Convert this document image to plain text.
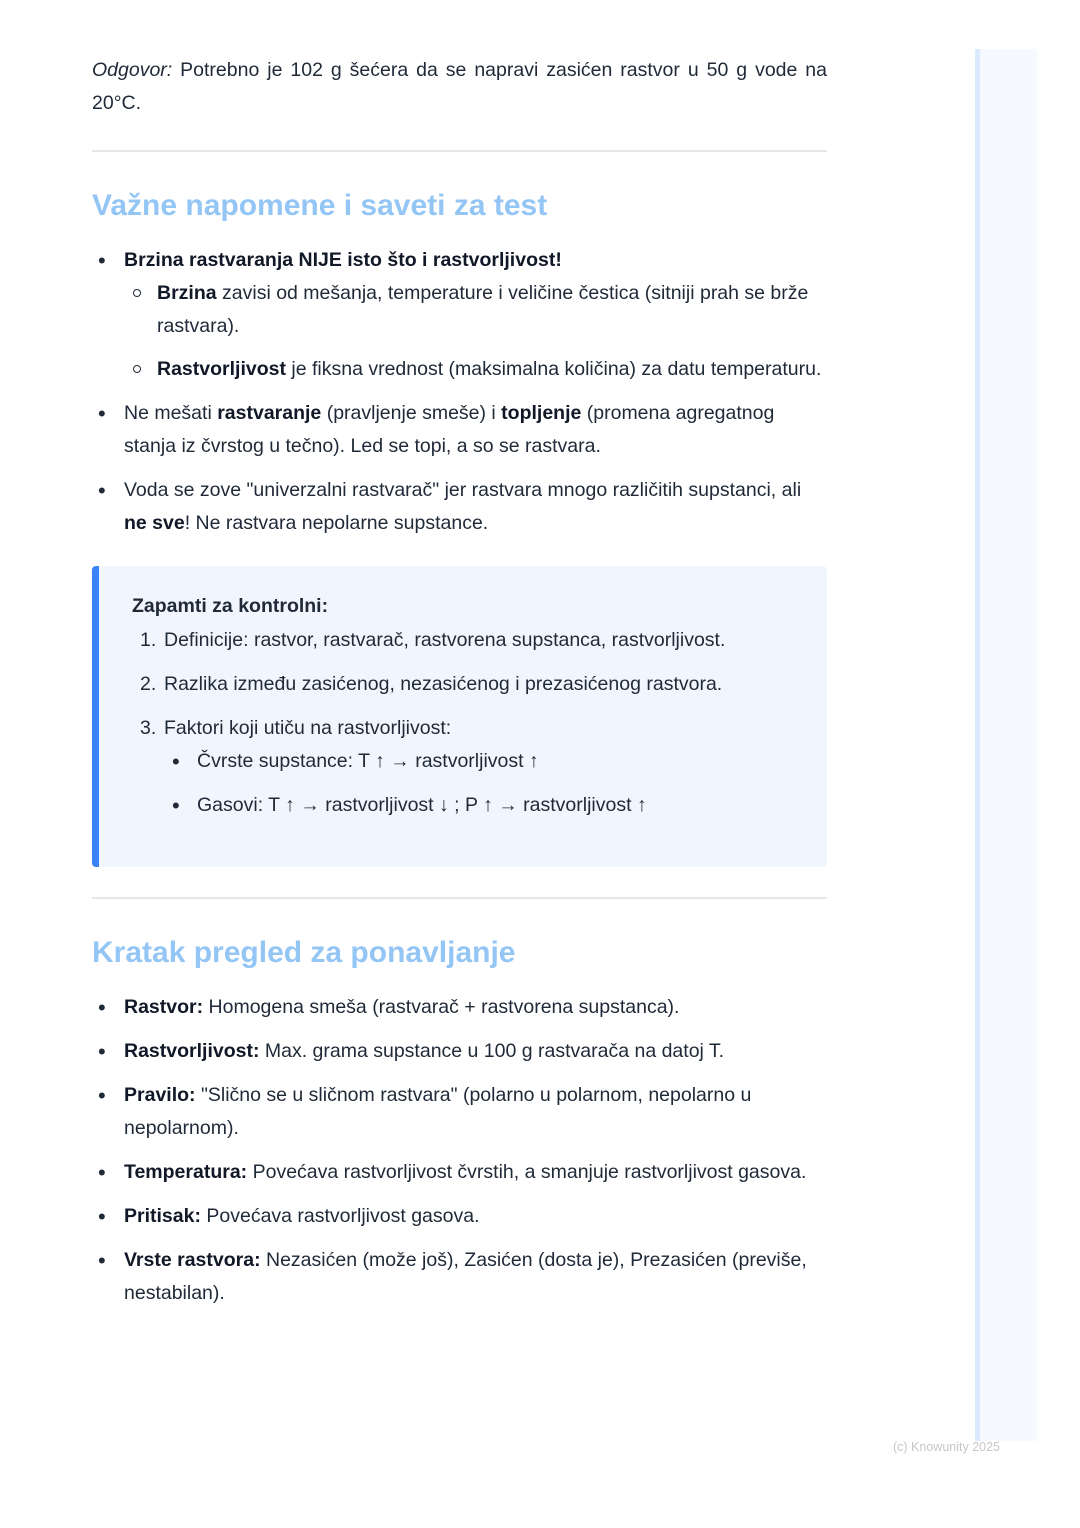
Odgovor: Potrebno je 102 g šećera da se napravi zasićen rastvor u 50 g vode na 20°C.

Važne napomene i saveti za test
• Brzina rastvaranja NIJE isto što i rastvorljivost!
Brzina zavisi od mešanja, temperature i veličine čestica (sitniji prah se brže rastvara).
Rastvorljivost je fiksna vrednost (maksimalna količina) za datu temperaturu.
• Ne mešati rastvaranje (pravljenje smeše) i topljenje (promena agregatnog stanja iz čvrstog u tečno). Led se topi, a so se rastvara.
• Voda se zove "univerzalni rastvarač" jer rastvara mnogo različitih supstanci, ali ne sve! Ne rastvara nepolarne supstance.
Zapamti za kontrolni:
1. Definicije: rastvor, rastvarač, rastvorena supstanca, rastvorljivost.
2. Razlika između zasićenog, nezasićenog i prezasićenog rastvora.
3. Faktori koji utiču na rastvorljivost:
• Čvrste supstance: T ↑ → rastvorljivost ↑
• Gasovi: T ↑ → rastvorljivost ↓ ; P ↑ → rastvorljivost ↑
Kratak pregled za ponavljanje
• Rastvor: Homogena smeša (rastvarač + rastvorena supstanca).
• Rastvorljivost: Max. grama supstance u 100 g rastvarača na datoj T.
• Pravilo: "Slično se u sličnom rastvara" (polarno u polarnom, nepolarno u nepolarnom).
• Temperatura: Povećava rastvorljivost čvrstih, a smanjuje rastvorljivost gasova.
• Pritisak: Povećava rastvorljivost gasova.
• Vrste rastvora: Nezasićen (može još), Zasićen (dosta je), Prezasićen (previše, nestabilan).
(c) Knowunity 2025
